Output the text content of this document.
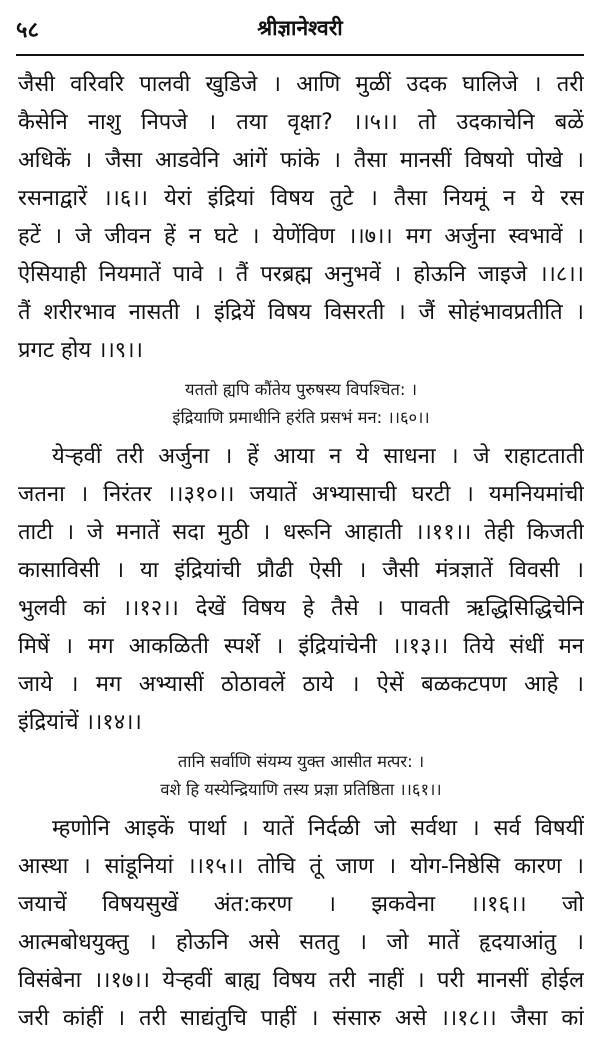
५८	श्रीज्ञानेश्वरी
जैसी वरिवरि पालवी खुडिजे । आणि मुळीं उदक घालिजे । तरी
कैसेनि नाशु निपजे । तया वृक्षा? ।।५।। तो उदकाचेनि बळें
अधिकें । जैसा आडवेनि आंगें फांके । तैसा मानसीं विषयो पोखे ।
रसनाद्वारें ।।६।। येरां इंद्रियां विषय तुटे । तैसा नियमूं न ये रस
हटें । जे जीवन हें न घटे । येणेंविण ।।७।। मग अर्जुना स्वभावें ।
ऐसियाही नियमातें पावे । तैं परब्रह्म अनुभवें । होऊनि जाइजे ।।८।।
तैं शरीरभाव नासती । इंद्रियें विषय विसरती । जैं सोहंभावप्रतीति ।
प्रगट होय ।।९।।
यततो ह्यपि कौंतेय पुरुषस्य विपश्चित: ।
इंद्रियाणि प्रमाथीनि हरंति प्रसभं मन: ।।६०।।
येऱ्हवीं तरी अर्जुना । हें आया न ये साधना । जे राहाटताती
जतना । निरंतर ।।३१०।। जयातें अभ्यासाची घरटी । यमनियमांची
ताटी । जे मनातें सदा मुठी । धरूनि आहाती ।।११।। तेही किजती
कासाविसी । या इंद्रियांची प्रौढी ऐसी । जैसी मंत्रज्ञातें विवसी ।
भुलवी कां ।।१२।। देखें विषय हे तैसे । पावती ऋद्धिसिद्धिचेनि
मिषें । मग आकळिती स्पर्शे । इंद्रियांचेनी ।।१३।। तिये संधीं मन
जाये । मग अभ्यासीं ठोठावलें ठाये । ऐसें बळकटपण आहे ।
इंद्रियांचें ।।१४।।
तानि सर्वाणि संयम्य युक्त आसीत मत्पर: ।
वशे हि यस्येन्द्रियाणि तस्य प्रज्ञा प्रतिष्ठिता ।।६१।।
म्हणोनि आइकें पार्था । यातें निर्दळी जो सर्वथा । सर्व विषयीं
आस्था । सांडूनियां ।।१५।। तोचि तूं जाण । योग-निष्ठेसि कारण ।
जयाचें विषयसुखें अंत:करण । झकवेना ।।१६।। जो
आत्मबोधयुक्तु । होऊनि असे सततु । जो मातें हृदयाआंतु ।
विसंबेना ।।१७।। येऱ्हवीं बाह्य विषय तरी नाहीं । परी मानसीं होईल
जरी कांहीं । तरी साद्यंतुचि पाहीं । संसारु असे ।।१८।। जैसा कां
